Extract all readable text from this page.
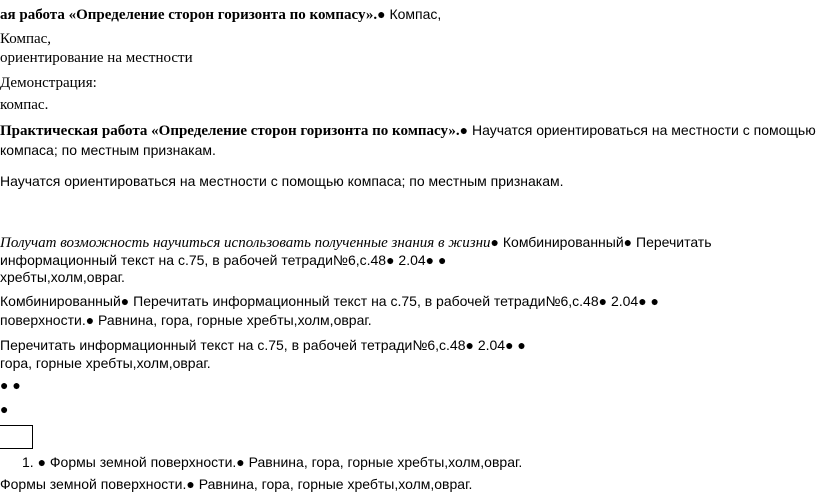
ая работа «Определение сторон горизонта по компасу».● Компас,
Компас,
ориентирование на местности
Демонстрация:
компас.
Практическая работа «Определение сторон горизонта по компасу».● Научатся ориентироваться на местности с помощью
компаса; по местным признакам.
Научатся ориентироваться на местности с помощью компаса; по местным признакам.
Получат возможность научиться использовать полученные знания в жизни● Комбинированный● Перечитать
информационный текст на с.75, в рабочей тетради№6,с.48● 2.04● ●
хребты,холм,овраг.
Комбинированный● Перечитать информационный текст на с.75, в рабочей тетради№6,с.48● 2.04● ●
поверхности.● Равнина, гора, горные хребты,холм,овраг.
Перечитать информационный текст на с.75, в рабочей тетради№6,с.48● 2.04● ●
гора, горные хребты,холм,овраг.
● ●
●
1. ● Формы земной поверхности.● Равнина, гора, горные хребты,холм,овраг.
Формы земной поверхности.● Равнина, гора, горные хребты,холм,овраг.
